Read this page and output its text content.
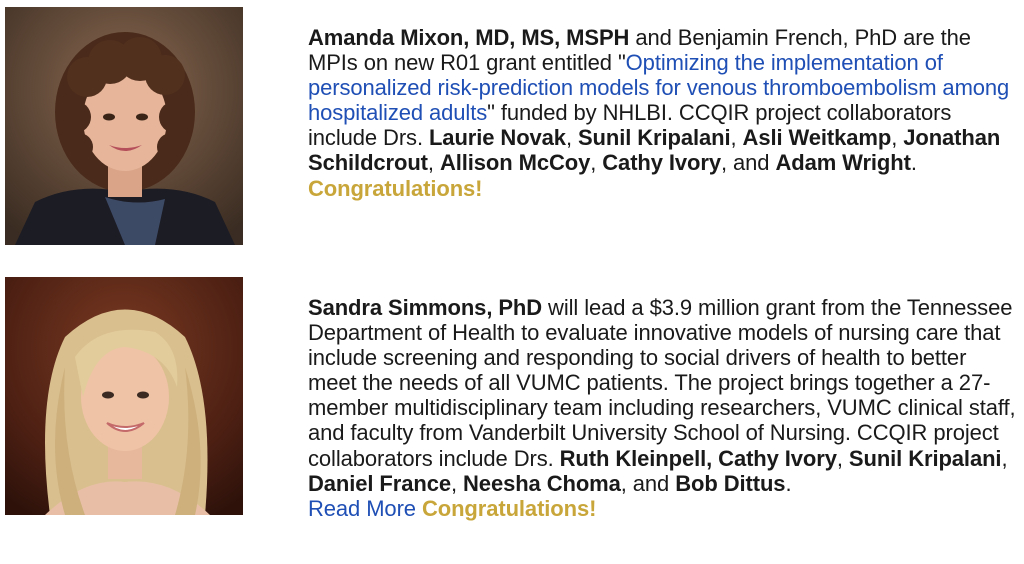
Amanda Mixon, MD, MS, MSPH and Benjamin French, PhD are the MPIs on new R01 grant entitled "Optimizing the implementation of personalized risk-prediction models for venous thromboembolism among hospitalized adults" funded by NHLBI. CCQIR project collaborators include Drs. Laurie Novak, Sunil Kripalani, Asli Weitkamp, Jonathan Schildcrout, Allison McCoy, Cathy Ivory, and Adam Wright. Congratulations!
Sandra Simmons, PhD will lead a $3.9 million grant from the Tennessee Department of Health to evaluate innovative models of nursing care that include screening and responding to social drivers of health to better meet the needs of all VUMC patients. The project brings together a 27-member multidisciplinary team including researchers, VUMC clinical staff, and faculty from Vanderbilt University School of Nursing. CCQIR project collaborators include Drs. Ruth Kleinpell, Cathy Ivory, Sunil Kripalani, Daniel France, Neesha Choma, and Bob Dittus.
Read More Congratulations!
